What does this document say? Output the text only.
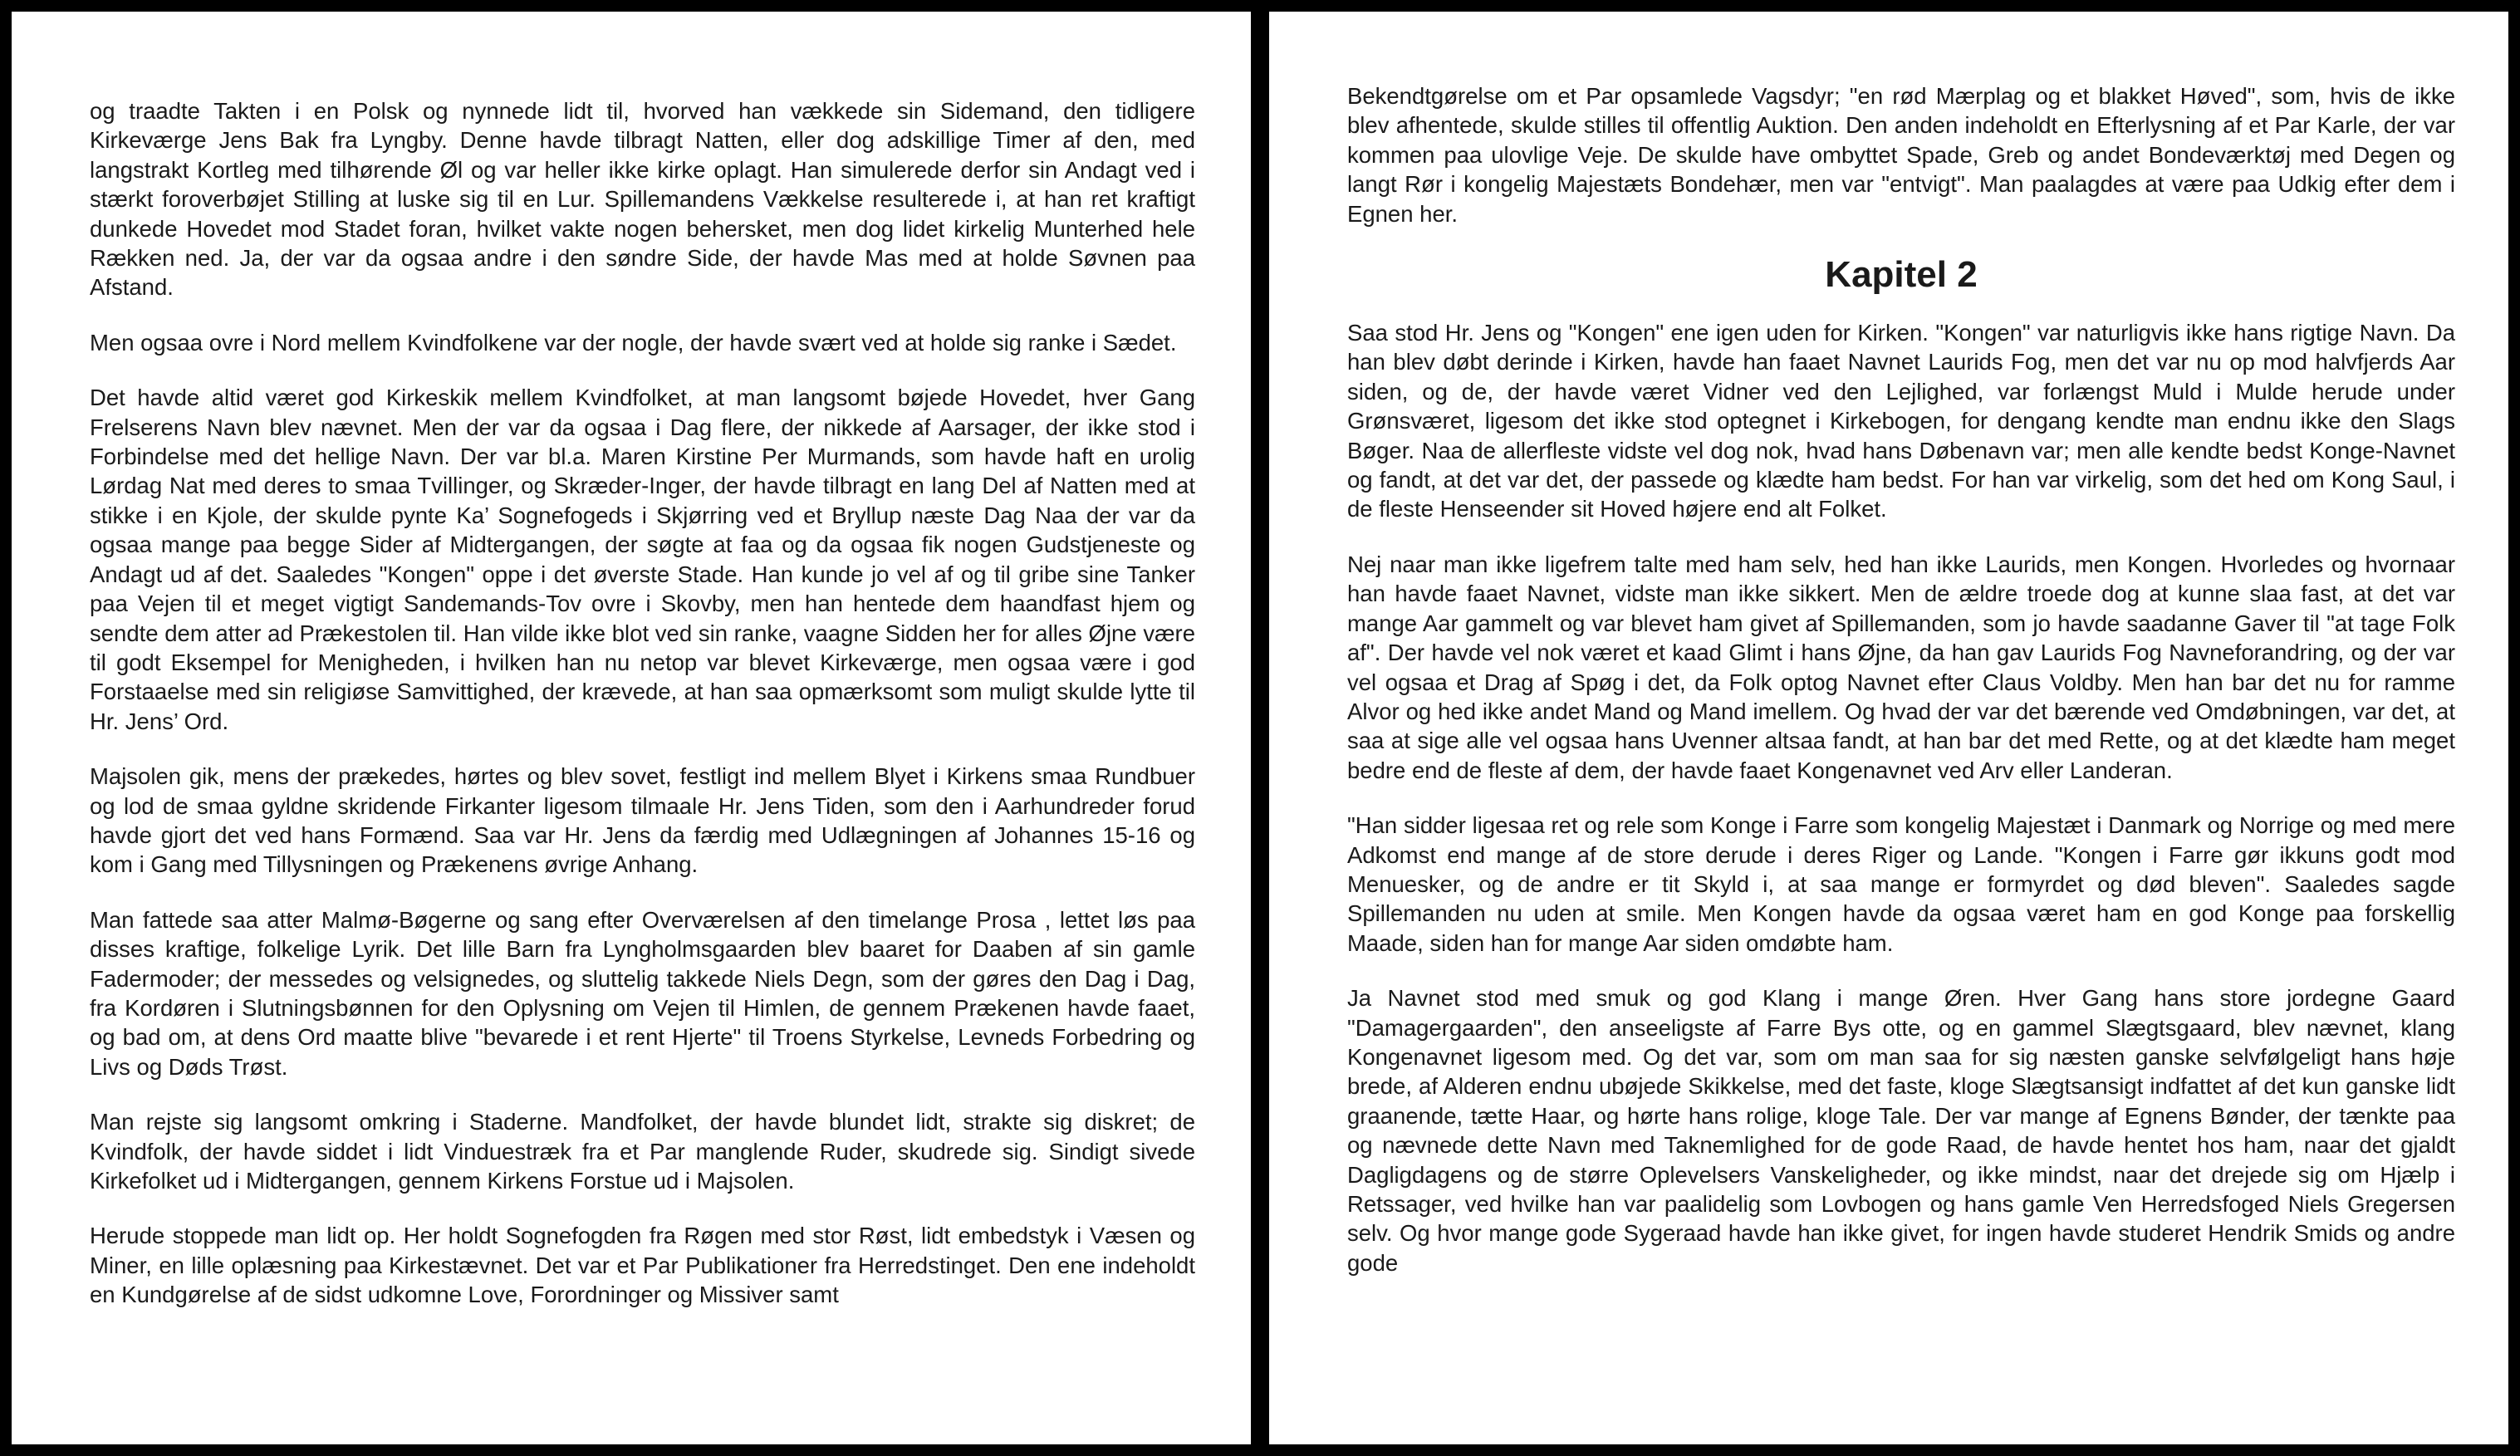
og traadte Takten i en Polsk og nynnede lidt til, hvorved han vækkede sin Sidemand, den tidligere Kirkeværge Jens Bak fra Lyngby. Denne havde tilbragt Natten, eller dog adskillige Timer af den, med langstrakt Kortleg med tilhørende Øl og var heller ikke kirke oplagt. Han simulerede derfor sin Andagt ved i stærkt foroverbøjet Stilling at luske sig til en Lur. Spillemandens Vækkelse resulterede i, at han ret kraftigt dunkede Hovedet mod Stadet foran, hvilket vakte nogen behersket, men dog lidet kirkelig Munterhed hele Rækken ned. Ja, der var da ogsaa andre i den søndre Side, der havde Mas med at holde Søvnen paa Afstand.

Men ogsaa ovre i Nord mellem Kvindfolkene var der nogle, der havde svært ved at holde sig ranke i Sædet.

Det havde altid været god Kirkeskik mellem Kvindfolket, at man langsomt bøjede Hovedet, hver Gang Frelserens Navn blev nævnet. Men der var da ogsaa i Dag flere, der nikkede af Aarsager, der ikke stod i Forbindelse med det hellige Navn. Der var bl.a. Maren Kirstine Per Murmands, som havde haft en urolig Lørdag Nat med deres to smaa Tvillinger, og Skræder-Inger, der havde tilbragt en lang Del af Natten med at stikke i en Kjole, der skulde pynte Ka’ Sognefogeds i Skjørring ved et Bryllup næste Dag Naa der var da ogsaa mange paa begge Sider af Midtergangen, der søgte at faa og da ogsaa fik nogen Gudstjeneste og Andagt ud af det. Saaledes "Kongen" oppe i det øverste Stade. Han kunde jo vel af og til gribe sine Tanker paa Vejen til et meget vigtigt Sandemands-Tov ovre i Skovby, men han hentede dem haandfast hjem og sendte dem atter ad Prækestolen til. Han vilde ikke blot ved sin ranke, vaagne Sidden her for alles Øjne være til godt Eksempel for Menigheden, i hvilken han nu netop var blevet Kirkeværge, men ogsaa være i god Forstaaelse med sin religiøse Samvittighed, der krævede, at han saa opmærksomt som muligt skulde lytte til Hr. Jens’ Ord.

Majsolen gik, mens der prækedes, hørtes og blev sovet, festligt ind mellem Blyet i Kirkens smaa Rundbuer og lod de smaa gyldne skridende Firkanter ligesom tilmaale Hr. Jens Tiden, som den i Aarhundreder forud havde gjort det ved hans Formænd. Saa var Hr. Jens da færdig med Udlægningen af Johannes 15-16 og kom i Gang med Tillysningen og Prækenens øvrige Anhang.

Man fattede saa atter Malmø-Bøgerne og sang efter Overværelsen af den timelange Prosa , lettet løs paa disses kraftige, folkelige Lyrik. Det lille Barn fra Lyngholmsgaarden blev baaret for Daaben af sin gamle Fadermoder; der messedes og velsignedes, og sluttelig takkede Niels Degn, som der gøres den Dag i Dag, fra Kordøren i Slutningsbønnen for den Oplysning om Vejen til Himlen, de gennem Prækenen havde faaet, og bad om, at dens Ord maatte blive "bevarede i et rent Hjerte" til Troens Styrkelse, Levneds Forbedring og Livs og Døds Trøst.

Man rejste sig langsomt omkring i Staderne. Mandfolket, der havde blundet lidt, strakte sig diskret; de Kvindfolk, der havde siddet i lidt Vinduestræk fra et Par manglende Ruder, skudrede sig. Sindigt sivede Kirkefolket ud i Midtergangen, gennem Kirkens Forstue ud i Majsolen.

Herude stoppede man lidt op. Her holdt Sognefogden fra Røgen med stor Røst, lidt embedstyk i Væsen og Miner, en lille oplæsning paa Kirkestævnet. Det var et Par Publikationer fra Herredstinget. Den ene indeholdt en Kundgørelse af de sidst udkomne Love, Forordninger og Missiver samt

Bekendtgørelse om et Par opsamlede Vagsdyr; "en rød Mærplag og et blakket Høved", som, hvis de ikke blev afhentede, skulde stilles til offentlig Auktion. Den anden indeholdt en Efterlysning af et Par Karle, der var kommen paa ulovlige Veje. De skulde have ombyttet Spade, Greb og andet Bondeværktøj med Degen og langt Rør i kongelig Majestæts Bondehær, men var "entvigt". Man paalagdes at være paa Udkig efter dem i Egnen her.

Kapitel 2

Saa stod Hr. Jens og "Kongen" ene igen uden for Kirken. "Kongen" var naturligvis ikke hans rigtige Navn. Da han blev døbt derinde i Kirken, havde han faaet Navnet Laurids Fog, men det var nu op mod halvfjerds Aar siden, og de, der havde været Vidner ved den Lejlighed, var forlængst Muld i Mulde herude under Grønsværet, ligesom det ikke stod optegnet i Kirkebogen, for dengang kendte man endnu ikke den Slags Bøger. Naa de allerfleste vidste vel dog nok, hvad hans Døbenavn var; men alle kendte bedst Konge-Navnet og fandt, at det var det, der passede og klædte ham bedst. For han var virkelig, som det hed om Kong Saul, i de fleste Henseender sit Hoved højere end alt Folket.

Nej naar man ikke ligefrem talte med ham selv, hed han ikke Laurids, men Kongen. Hvorledes og hvornaar han havde faaet Navnet, vidste man ikke sikkert. Men de ældre troede dog at kunne slaa fast, at det var mange Aar gammelt og var blevet ham givet af Spillemanden, som jo havde saadanne Gaver til "at tage Folk af". Der havde vel nok været et kaad Glimt i hans Øjne, da han gav Laurids Fog Navneforandring, og der var vel ogsaa et Drag af Spøg i det, da Folk optog Navnet efter Claus Voldby. Men han bar det nu for ramme Alvor og hed ikke andet Mand og Mand imellem. Og hvad der var det bærende ved Omdøbningen, var det, at saa at sige alle vel ogsaa hans Uvenner altsaa fandt, at han bar det med Rette, og at det klædte ham meget bedre end de fleste af dem, der havde faaet Kongenavnet ved Arv eller Landeran.

"Han sidder ligesaa ret og rele som Konge i Farre som kongelig Majestæt i Danmark og Norrige og med mere Adkomst end mange af de store derude i deres Riger og Lande. "Kongen i Farre gør ikkuns godt mod Menuesker, og de andre er tit Skyld i, at saa mange er formyrdet og død bleven". Saaledes sagde Spillemanden nu uden at smile. Men Kongen havde da ogsaa været ham en god Konge paa forskellig Maade, siden han for mange Aar siden omdøbte ham.

Ja Navnet stod med smuk og god Klang i mange Øren. Hver Gang hans store jordegne Gaard "Damagergaarden", den anseeligste af Farre Bys otte, og en gammel Slægtsgaard, blev nævnet, klang Kongenavnet ligesom med. Og det var, som om man saa for sig næsten ganske selvfølgeligt hans høje brede, af Alderen endnu ubøjede Skikkelse, med det faste, kloge Slægtsansigt indfattet af det kun ganske lidt graanende, tætte Haar, og hørte hans rolige, kloge Tale. Der var mange af Egnens Bønder, der tænkte paa og nævnede dette Navn med Taknemlighed for de gode Raad, de havde hentet hos ham, naar det gjaldt Dagligdagens og de større Oplevelsers Vanskeligheder, og ikke mindst, naar det drejede sig om Hjælp i Retssager, ved hvilke han var paalidelig som Lovbogen og hans gamle Ven Herredsfoged Niels Gregersen selv. Og hvor mange gode Sygeraad havde han ikke givet, for ingen havde studeret Hendrik Smids og andre gode
